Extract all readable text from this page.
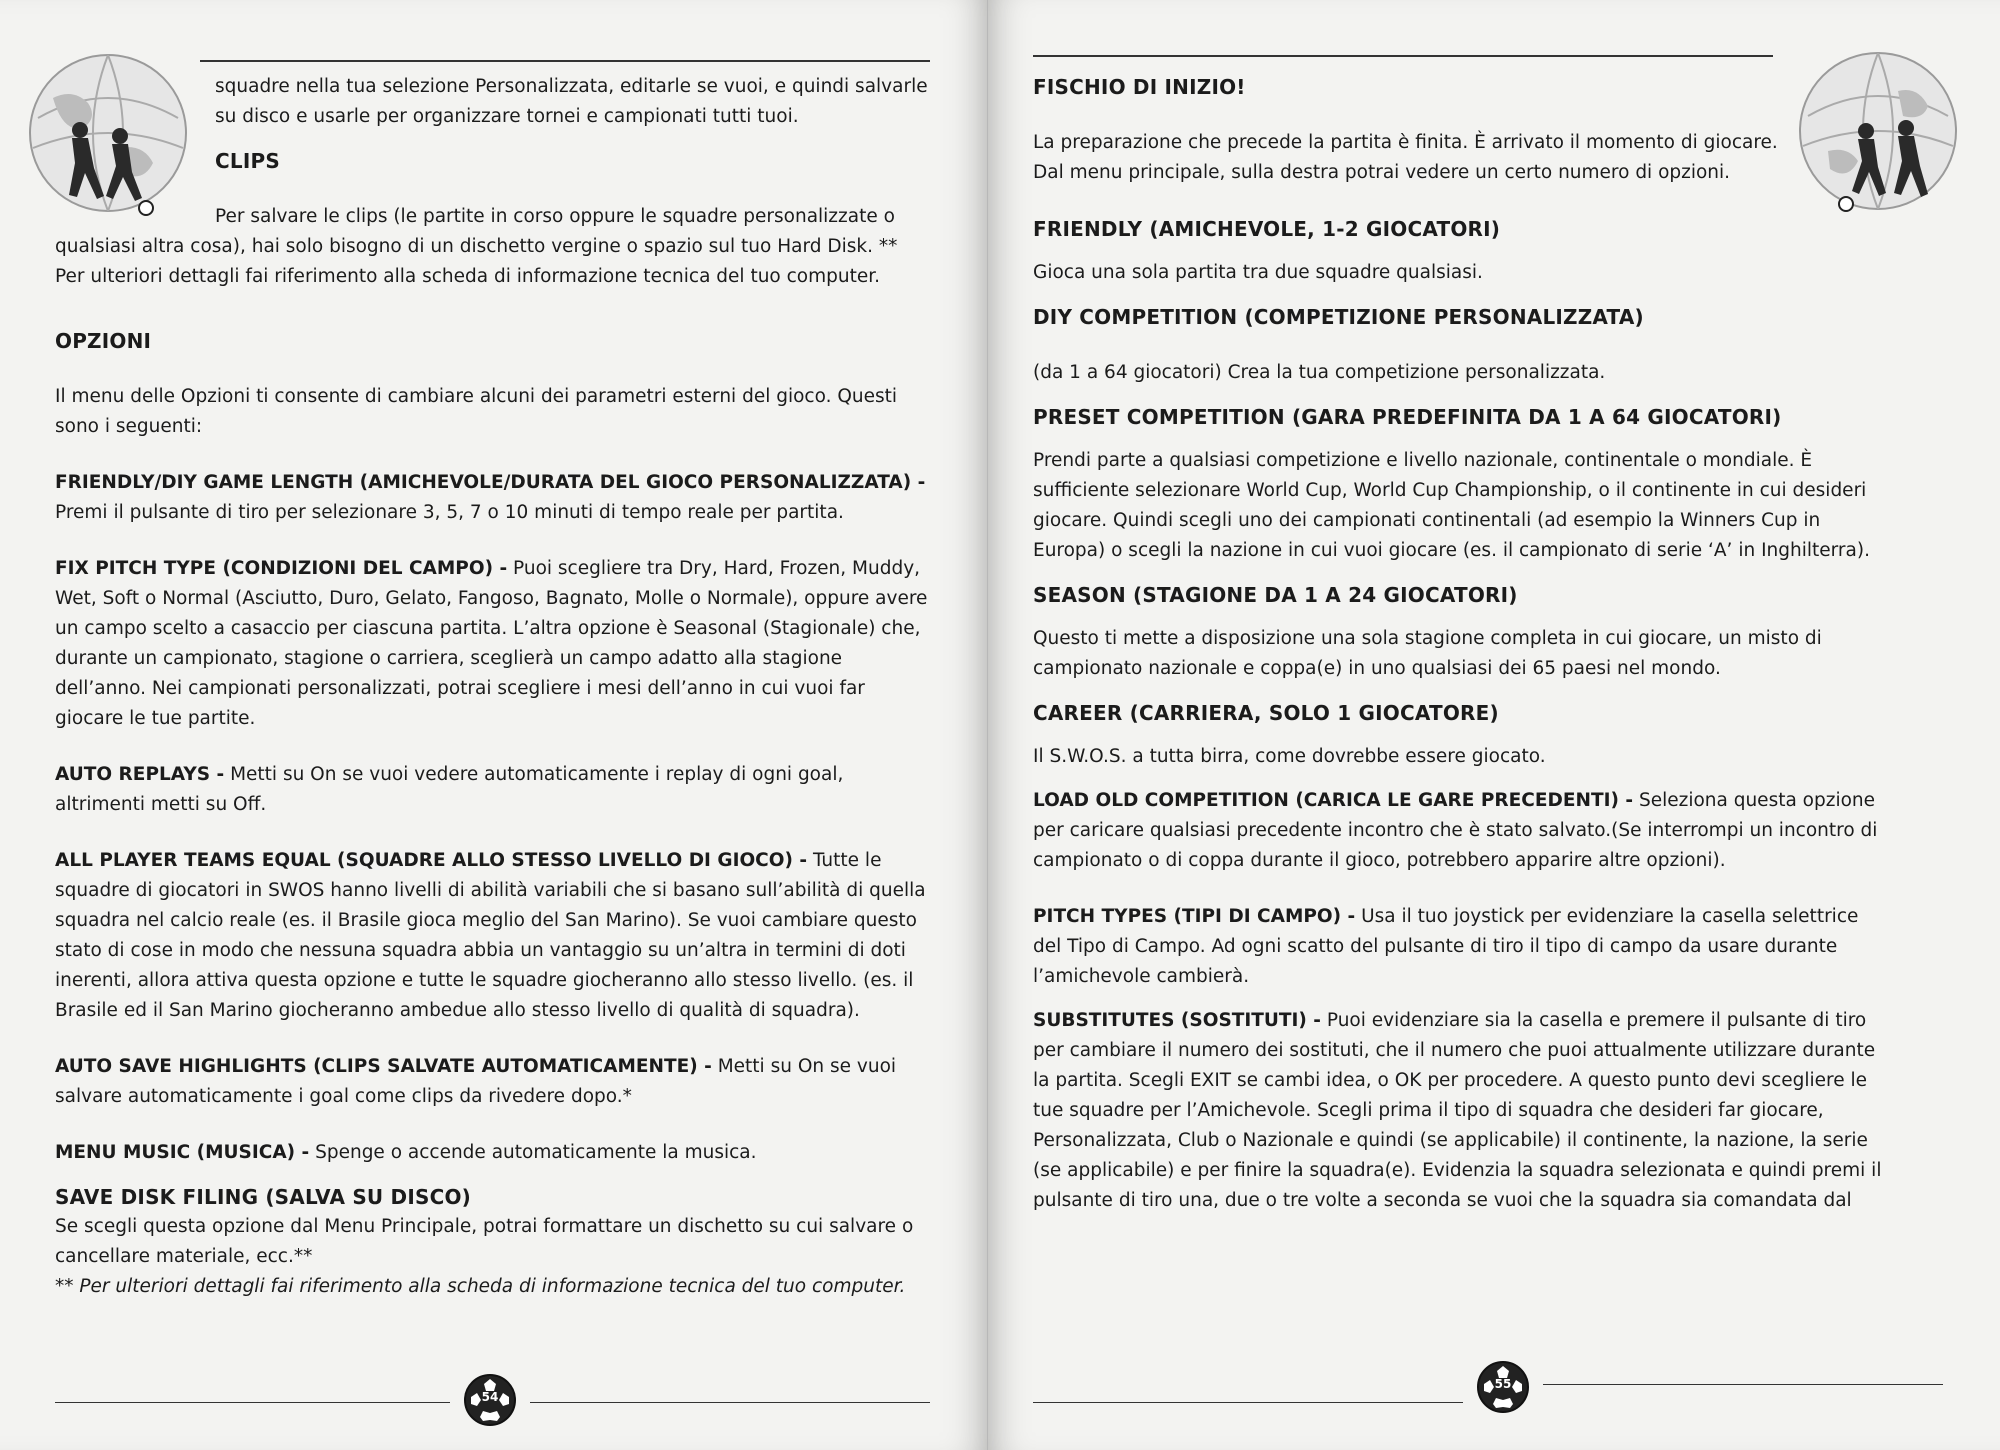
squadre nella tua selezione Personalizzata, editarle se vuoi, e quindi salvarle su disco e usarle per organizzare tornei e campionati tutti tuoi.

CLIPS

Per salvare le clips (le partite in corso oppure le squadre personalizzate o qualsiasi altra cosa), hai solo bisogno di un dischetto vergine o spazio sul tuo Hard Disk. ** Per ulteriori dettagli fai riferimento alla scheda di informazione tecnica del tuo computer.

OPZIONI

Il menu delle Opzioni ti consente di cambiare alcuni dei parametri esterni del gioco. Questi sono i seguenti:

FRIENDLY/DIY GAME LENGTH (AMICHEVOLE/DURATA DEL GIOCO PERSONALIZZATA) - Premi il pulsante di tiro per selezionare 3, 5, 7 o 10 minuti di tempo reale per partita.

FIX PITCH TYPE (CONDIZIONI DEL CAMPO) - Puoi scegliere tra Dry, Hard, Frozen, Muddy, Wet, Soft o Normal (Asciutto, Duro, Gelato, Fangoso, Bagnato, Molle o Normale), oppure avere un campo scelto a casaccio per ciascuna partita. L’altra opzione è Seasonal (Stagionale) che, durante un campionato, stagione o carriera, sceglierà un campo adatto alla stagione dell’anno. Nei campionati personalizzati, potrai scegliere i mesi dell’anno in cui vuoi far giocare le tue partite.

AUTO REPLAYS - Metti su On se vuoi vedere automaticamente i replay di ogni goal, altrimenti metti su Off.

ALL PLAYER TEAMS EQUAL (SQUADRE ALLO STESSO LIVELLO DI GIOCO) - Tutte le squadre di giocatori in SWOS hanno livelli di abilità variabili che si basano sull’abilità di quella squadra nel calcio reale (es. il Brasile gioca meglio del San Marino). Se vuoi cambiare questo stato di cose in modo che nessuna squadra abbia un vantaggio su un’altra in termini di doti inerenti, allora attiva questa opzione e tutte le squadre giocheranno allo stesso livello. (es. il Brasile ed il San Marino giocheranno ambedue allo stesso livello di qualità di squadra).

AUTO SAVE HIGHLIGHTS (CLIPS SALVATE AUTOMATICAMENTE) - Metti su On se vuoi salvare automaticamente i goal come clips da rivedere dopo.*

MENU MUSIC (MUSICA) - Spenge o accende automaticamente la musica.

SAVE DISK FILING (SALVA SU DISCO)

Se scegli questa opzione dal Menu Principale, potrai formattare un dischetto su cui salvare o cancellare materiale, ecc.**

** Per ulteriori dettagli fai riferimento alla scheda di informazione tecnica del tuo computer.

54
FISCHIO DI INIZIO!

La preparazione che precede la partita è finita. È arrivato il momento di giocare. Dal menu principale, sulla destra potrai vedere un certo numero di opzioni.

FRIENDLY (AMICHEVOLE, 1-2 GIOCATORI)

Gioca una sola partita tra due squadre qualsiasi.

DIY COMPETITION (COMPETIZIONE PERSONALIZZATA)

(da 1 a 64 giocatori) Crea la tua competizione personalizzata.

PRESET COMPETITION (GARA PREDEFINITA DA 1 A 64 GIOCATORI)

Prendi parte a qualsiasi competizione e livello nazionale, continentale o mondiale. È sufficiente selezionare World Cup, World Cup Championship, o il continente in cui desideri giocare. Quindi scegli uno dei campionati continentali (ad esempio la Winners Cup in Europa) o scegli la nazione in cui vuoi giocare (es. il campionato di serie ‘A’ in Inghilterra).

SEASON (STAGIONE DA 1 A 24 GIOCATORI)

Questo ti mette a disposizione una sola stagione completa in cui giocare, un misto di campionato nazionale e coppa(e) in uno qualsiasi dei 65 paesi nel mondo.

CAREER (CARRIERA, SOLO 1 GIOCATORE)

Il S.W.O.S. a tutta birra, come dovrebbe essere giocato.

LOAD OLD COMPETITION (CARICA LE GARE PRECEDENTI) - Seleziona questa opzione per caricare qualsiasi precedente incontro che è stato salvato.(Se interrompi un incontro di campionato o di coppa durante il gioco, potrebbero apparire altre opzioni).

PITCH TYPES (TIPI DI CAMPO) - Usa il tuo joystick per evidenziare la casella selettrice del Tipo di Campo. Ad ogni scatto del pulsante di tiro il tipo di campo da usare durante l’amichevole cambierà.

SUBSTITUTES (SOSTITUTI) - Puoi evidenziare sia la casella e premere il pulsante di tiro per cambiare il numero dei sostituti, che il numero che puoi attualmente utilizzare durante la partita. Scegli EXIT se cambi idea, o OK per procedere. A questo punto devi scegliere le tue squadre per l’Amichevole. Scegli prima il tipo di squadra che desideri far giocare, Personalizzata, Club o Nazionale e quindi (se applicabile) il continente, la nazione, la serie (se applicabile) e per finire la squadra(e). Evidenzia la squadra selezionata e quindi premi il pulsante di tiro una, due o tre volte a seconda se vuoi che la squadra sia comandata dal

55
